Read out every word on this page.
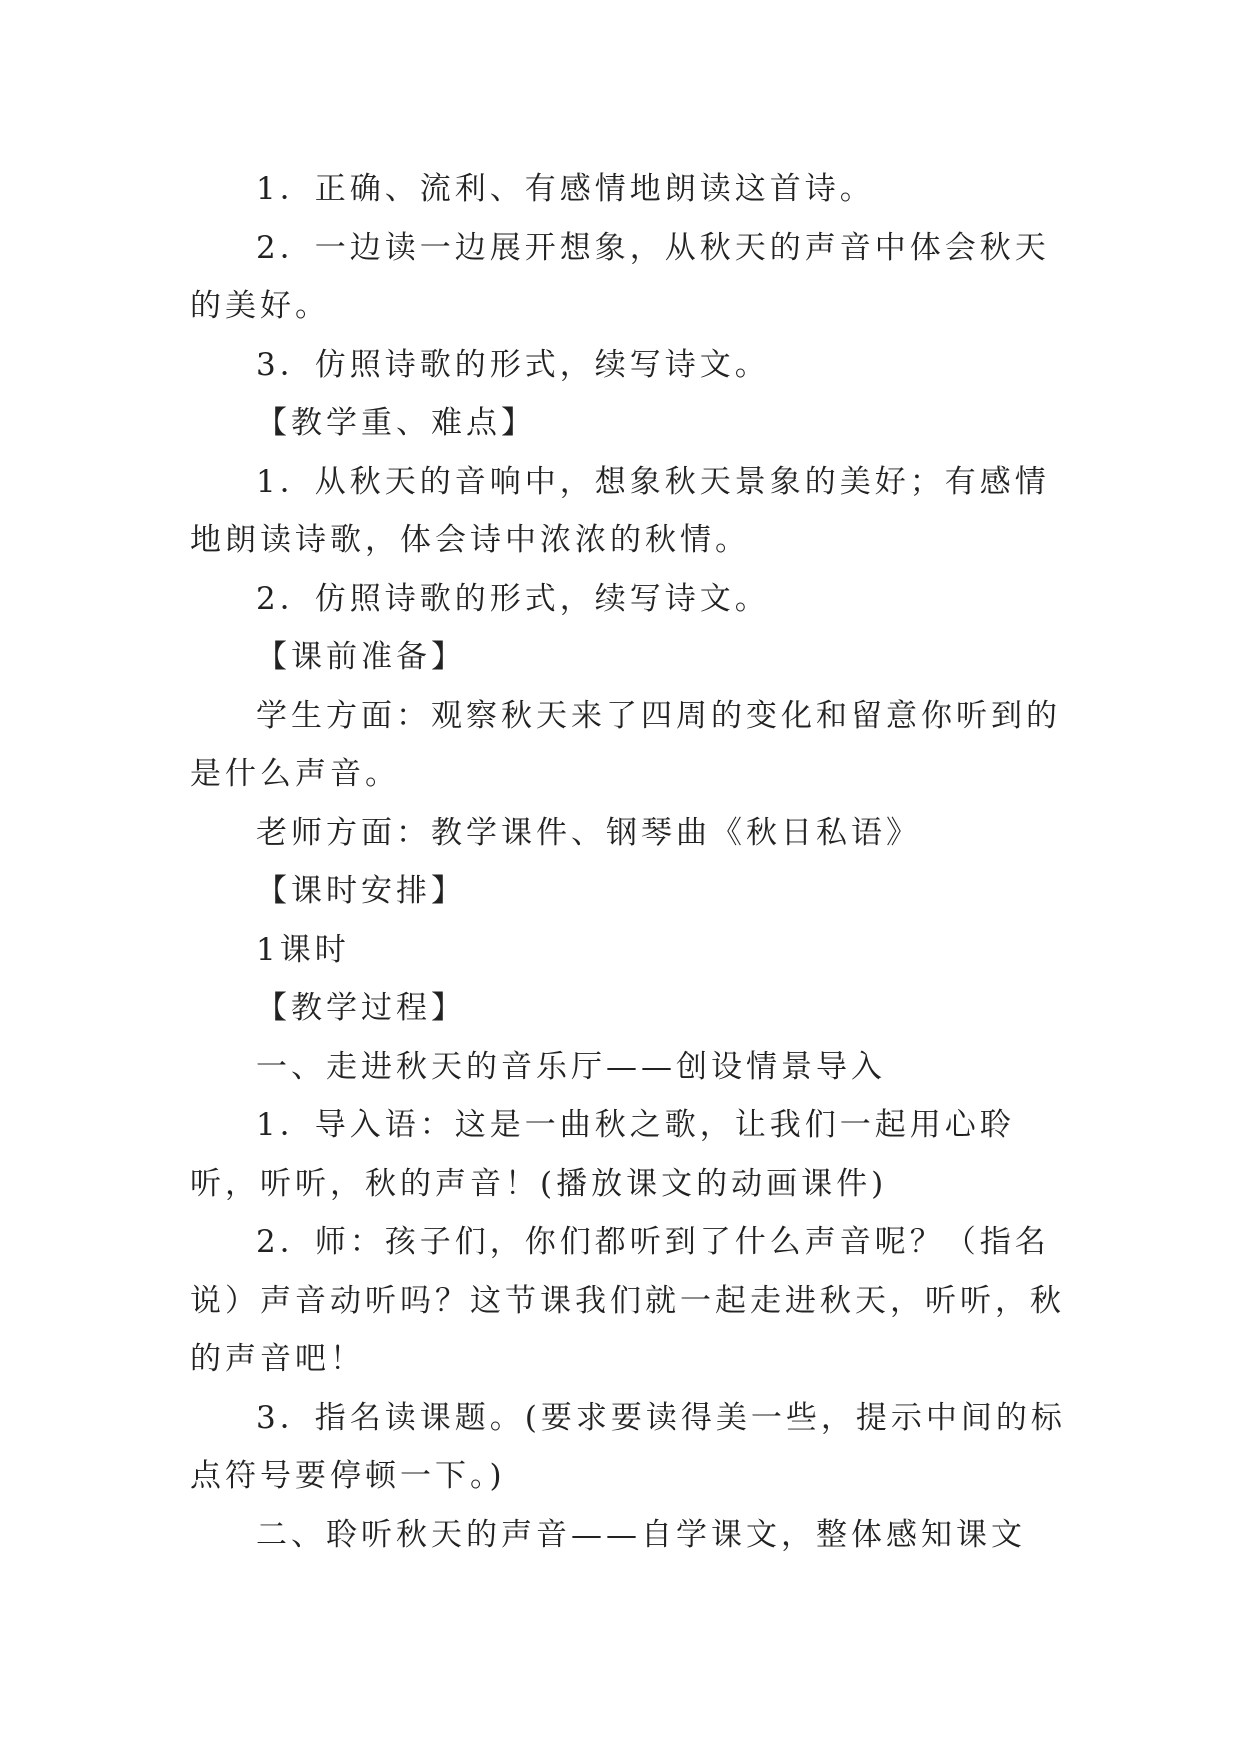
1．正确、流利、有感情地朗读这首诗。

2．一边读一边展开想象，从秋天的声音中体会秋天的美好。

3．仿照诗歌的形式，续写诗文。

【教学重、难点】

1．从秋天的音响中，想象秋天景象的美好；有感情地朗读诗歌，体会诗中浓浓的秋情。

2．仿照诗歌的形式，续写诗文。

【课前准备】

学生方面：观察秋天来了四周的变化和留意你听到的是什么声音。

老师方面：教学课件、钢琴曲《秋日私语》

【课时安排】

1课时

【教学过程】

一、走进秋天的音乐厅——创设情景导入

1．导入语：这是一曲秋之歌，让我们一起用心聆听，听听，秋的声音！(播放课文的动画课件)

2．师：孩子们，你们都听到了什么声音呢？（指名说）声音动听吗？这节课我们就一起走进秋天，听听，秋的声音吧！

3．指名读课题。(要求要读得美一些，提示中间的标点符号要停顿一下。)

二、聆听秋天的声音——自学课文，整体感知课文
